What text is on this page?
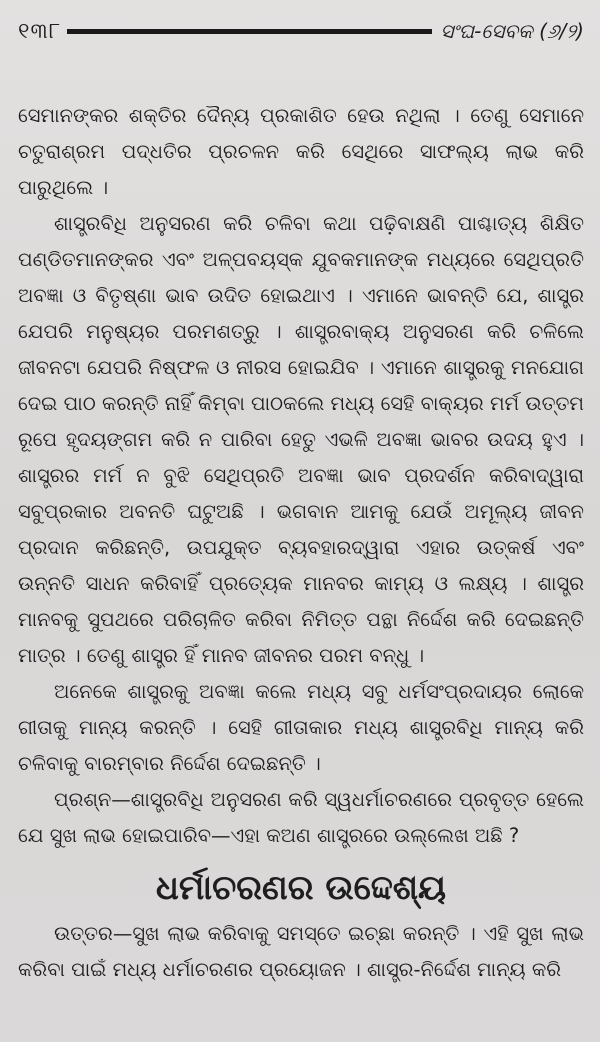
୧୩୮	ସଂଘ-ସେବକ (୬/୨)

ସେମାନଙ୍କର ଶକ୍ତିର ଦୈନ୍ୟ ପ୍ରକାଶିତ ହେଉ ନଥିଲା । ତେଣୁ ସେମାନେ ଚତୁରାଶ୍ରମ ପଦ୍ଧତିର ପ୍ରଚଳନ କରି ସେଥିରେ ସାଫଲ୍ୟ ଲାଭ କରି ପାରୁଥିଲେ ।

ଶାସ୍ତ୍ରବିଧି ଅନୁସରଣ କରି ଚଳିବା କଥା ପଢ଼ିବାକ୍ଷଣି ପାଶ୍ଚାତ୍ୟ ଶିକ୍ଷିତ ପଣ୍ଡିତମାନଙ୍କର ଏବଂ ଅଳ୍ପବୟସ୍କ ଯୁବକମାନଙ୍କ ମଧ୍ୟରେ ସେଥିପ୍ରତି ଅବଜ୍ଞା ଓ ବିତୃଷ୍ଣା ଭାବ ଉଦିତ ହୋଇଥାଏ । ଏମାନେ ଭାବନ୍ତି ଯେ, ଶାସ୍ତ୍ର ଯେପରି ମନୁଷ୍ୟର ପରମଶତ୍ରୁ । ଶାସ୍ତ୍ରବାକ୍ୟ ଅନୁସରଣ କରି ଚଳିଲେ ଜୀବନଟା ଯେପରି ନିଷ୍ଫଳ ଓ ନୀରସ ହୋଇଯିବ । ଏମାନେ ଶାସ୍ତ୍ରକୁ ମନଯୋଗ ଦେଇ ପାଠ କରନ୍ତି ନାହିଁ କିମ୍ବା ପାଠକଲେ ମଧ୍ୟ ସେହି ବାକ୍ୟର ମର୍ମ ଉତ୍ତମ ରୂପେ ହୃଦୟଙ୍ଗମ କରି ନ ପାରିବା ହେତୁ ଏଭଳି ଅବଜ୍ଞା ଭାବର ଉଦୟ ହୁଏ । ଶାସ୍ତ୍ରର ମର୍ମ ନ ବୁଝି ସେଥିପ୍ରତି ଅବଜ୍ଞା ଭାବ ପ୍ରଦର୍ଶନ କରିବାଦ୍ୱାରା ସବୁପ୍ରକାର ଅବନତି ଘଟୁଅଛି । ଭଗବାନ ଆମକୁ ଯେଉଁ ଅମୂଲ୍ୟ ଜୀବନ ପ୍ରଦାନ କରିଛନ୍ତି, ଉପଯୁକ୍ତ ବ୍ୟବହାରଦ୍ୱାରା ଏହାର ଉତ୍କର୍ଷ ଏବଂ ଉନ୍ନତି ସାଧନ କରିବାହିଁ ପ୍ରତ୍ୟେକ ମାନବର କାମ୍ୟ ଓ ଲକ୍ଷ୍ୟ । ଶାସ୍ତ୍ର ମାନବକୁ ସୁପଥରେ ପରିଚାଳିତ କରିବା ନିମିତ୍ତ ପନ୍ଥା ନିର୍ଦ୍ଦେଶ କରି ଦେଇଛନ୍ତି ମାତ୍ର । ତେଣୁ ଶାସ୍ତ୍ର ହିଁ ମାନବ ଜୀବନର ପରମ ବନ୍ଧୁ ।

ଅନେକେ ଶାସ୍ତ୍ରକୁ ଅବଜ୍ଞା କଲେ ମଧ୍ୟ ସବୁ ଧର୍ମସଂପ୍ରଦାୟର ଲୋକେ ଗୀତାକୁ ମାନ୍ୟ କରନ୍ତି । ସେହି ଗୀତାକାର ମଧ୍ୟ ଶାସ୍ତ୍ରବିଧି ମାନ୍ୟ କରି ଚଳିବାକୁ ବାରମ୍ବାର ନିର୍ଦ୍ଦେଶ ଦେଇଛନ୍ତି ।

ପ୍ରଶ୍ନ—ଶାସ୍ତ୍ରବିଧି ଅନୁସରଣ କରି ସ୍ୱଧର୍ମାଚରଣରେ ପ୍ରବୃତ୍ତ ହେଲେ ଯେ ସୁଖ ଲାଭ ହୋଇପାରିବ—ଏହା କଅଣ ଶାସ୍ତ୍ରରେ ଉଲ୍ଲେଖ ଅଛି ?

ଧର୍ମାଚରଣର ଉଦ୍ଦେଶ୍ୟ

ଉତ୍ତର—ସୁଖ ଲାଭ କରିବାକୁ ସମସ୍ତେ ଇଚ୍ଛା କରନ୍ତି । ଏହି ସୁଖ ଲାଭ କରିବା ପାଇଁ ମଧ୍ୟ ଧର୍ମାଚରଣର ପ୍ରୟୋଜନ । ଶାସ୍ତ୍ର-ନିର୍ଦ୍ଦେଶ ମାନ୍ୟ କରି
